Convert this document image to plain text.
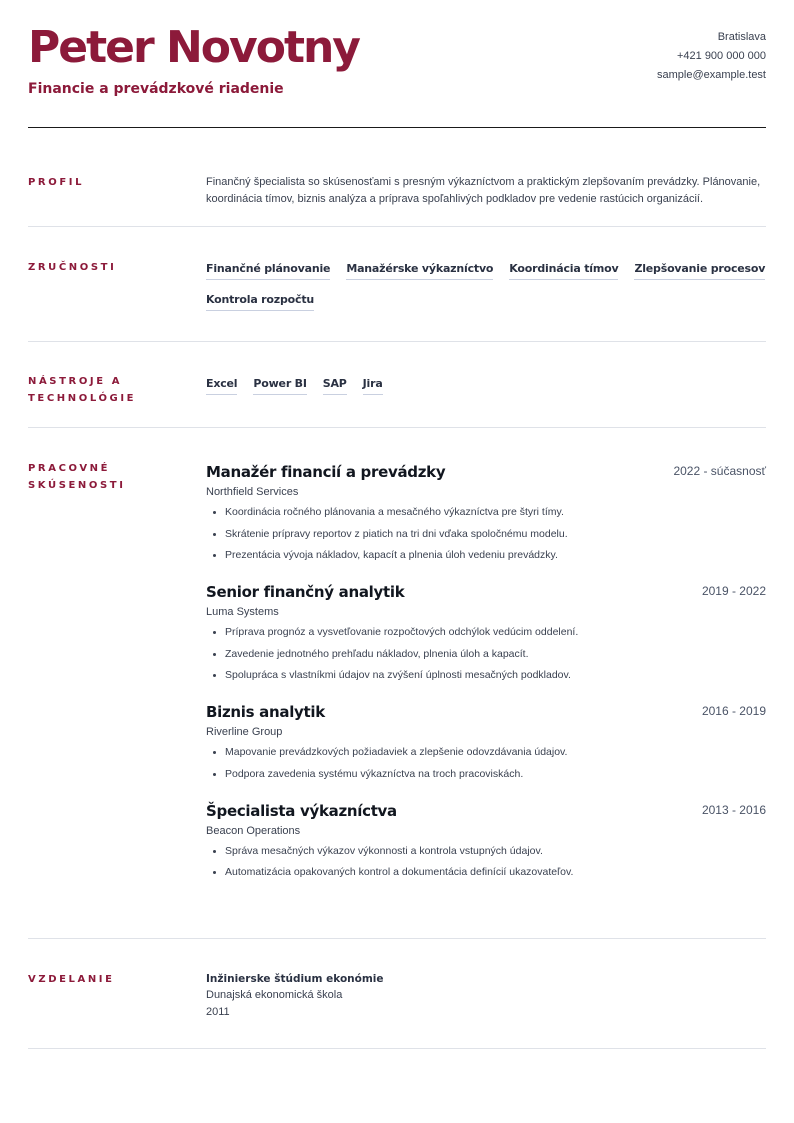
Peter Novotny

Financie a prevádzkové riadenie

Bratislava
+421 900 000 000
sample@example.test
PROFIL	Finančný špecialista so skúsenosťami s presným výkazníctvom a praktickým zlepšovaním prevádzky. Plánovanie, koordinácia tímov, biznis analýza a príprava spoľahlivých podkladov pre vedenie rastúcich organizácií.

ZRUČNOSTI	Finančné plánovanie Manažérske výkazníctvo Koordinácia tímov Zlepšovanie procesov
Kontrola rozpočtu
NÁSTROJE A TECHNOLÓGIE
Excel Power BI SAP Jira
PRACOVNÉ SKÚSENOSTI
Manažér financií a prevádzky	2022 - súčasnosť
Northfield Services
• Koordinácia ročného plánovania a mesačného výkazníctva pre štyri tímy.
• Skrátenie prípravy reportov z piatich na tri dni vďaka spoločnému modelu.
• Prezentácia vývoja nákladov, kapacít a plnenia úloh vedeniu prevádzky.
Senior finančný analytik	2019 - 2022
Luma Systems
• Príprava prognóz a vysvetľovanie rozpočtových odchýlok vedúcim oddelení.
• Zavedenie jednotného prehľadu nákladov, plnenia úloh a kapacít.
• Spolupráca s vlastníkmi údajov na zvýšení úplnosti mesačných podkladov.
Biznis analytik	2016 - 2019
Riverline Group
• Mapovanie prevádzkových požiadaviek a zlepšenie odovzdávania údajov.
• Podpora zavedenia systému výkazníctva na troch pracoviskách.
Špecialista výkazníctva	2013 - 2016
Beacon Operations
• Správa mesačných výkazov výkonnosti a kontrola vstupných údajov.
• Automatizácia opakovaných kontrol a dokumentácia definícií ukazovateľov.
VZDELANIE	Inžinierske štúdium ekonómie
Dunajská ekonomická škola
2011
